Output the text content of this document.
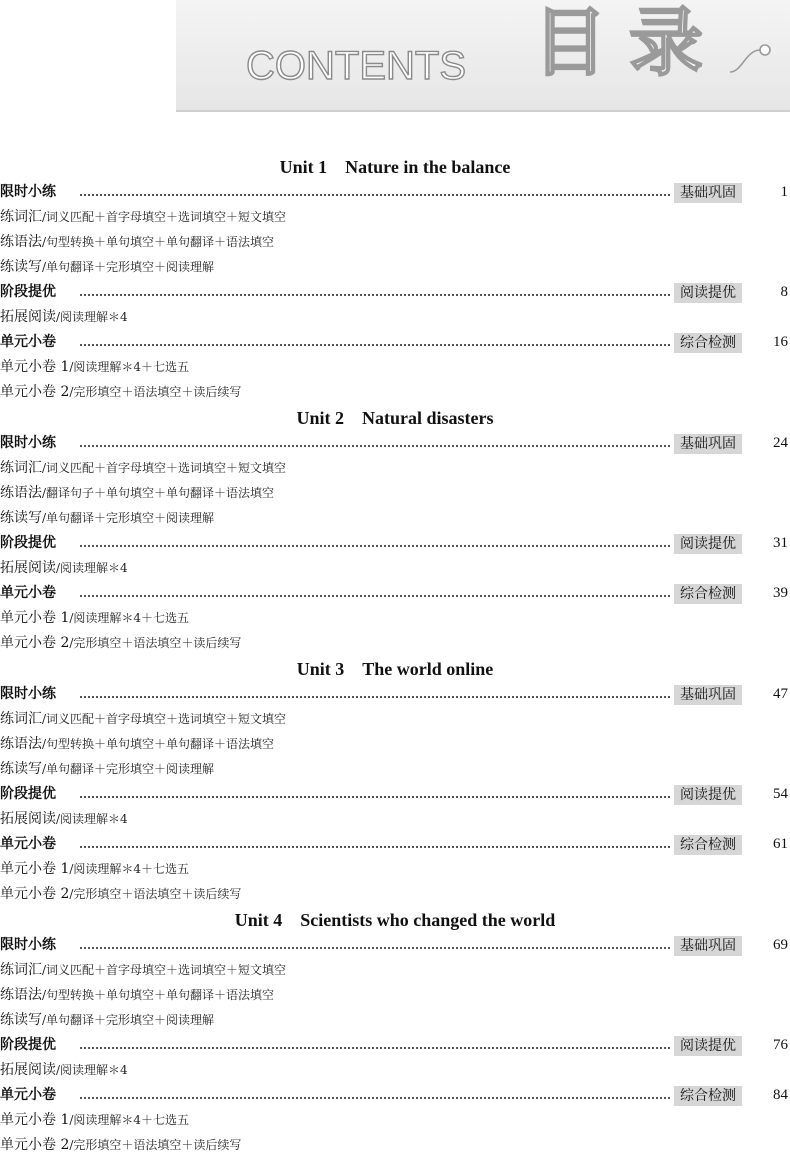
CONTENTS 目录
Unit 1　Nature in the balance
限时小练	基础巩固	1
练词汇/词义匹配＋首字母填空＋选词填空＋短文填空
练语法/句型转换＋单句填空＋单句翻译＋语法填空
练读写/单句翻译＋完形填空＋阅读理解
阶段提优	阅读提优	8
拓展阅读/阅读理解＊4
单元小卷	综合检测	16
单元小卷 1/阅读理解＊4＋七选五
单元小卷 2/完形填空＋语法填空＋读后续写
Unit 2　Natural disasters
限时小练	基础巩固	24
练词汇/词义匹配＋首字母填空＋选词填空＋短文填空
练语法/翻译句子＋单句填空＋单句翻译＋语法填空
练读写/单句翻译＋完形填空＋阅读理解
阶段提优	阅读提优	31
拓展阅读/阅读理解＊4
单元小卷	综合检测	39
单元小卷 1/阅读理解＊4＋七选五
单元小卷 2/完形填空＋语法填空＋读后续写
Unit 3　The world online
限时小练	基础巩固	47
练词汇/词义匹配＋首字母填空＋选词填空＋短文填空
练语法/句型转换＋单句填空＋单句翻译＋语法填空
练读写/单句翻译＋完形填空＋阅读理解
阶段提优	阅读提优	54
拓展阅读/阅读理解＊4
单元小卷	综合检测	61
单元小卷 1/阅读理解＊4＋七选五
单元小卷 2/完形填空＋语法填空＋读后续写
Unit 4　Scientists who changed the world
限时小练	基础巩固	69
练词汇/词义匹配＋首字母填空＋选词填空＋短文填空
练语法/句型转换＋单句填空＋单句翻译＋语法填空
练读写/单句翻译＋完形填空＋阅读理解
阶段提优	阅读提优	76
拓展阅读/阅读理解＊4
单元小卷	综合检测	84
单元小卷 1/阅读理解＊4＋七选五
单元小卷 2/完形填空＋语法填空＋读后续写
